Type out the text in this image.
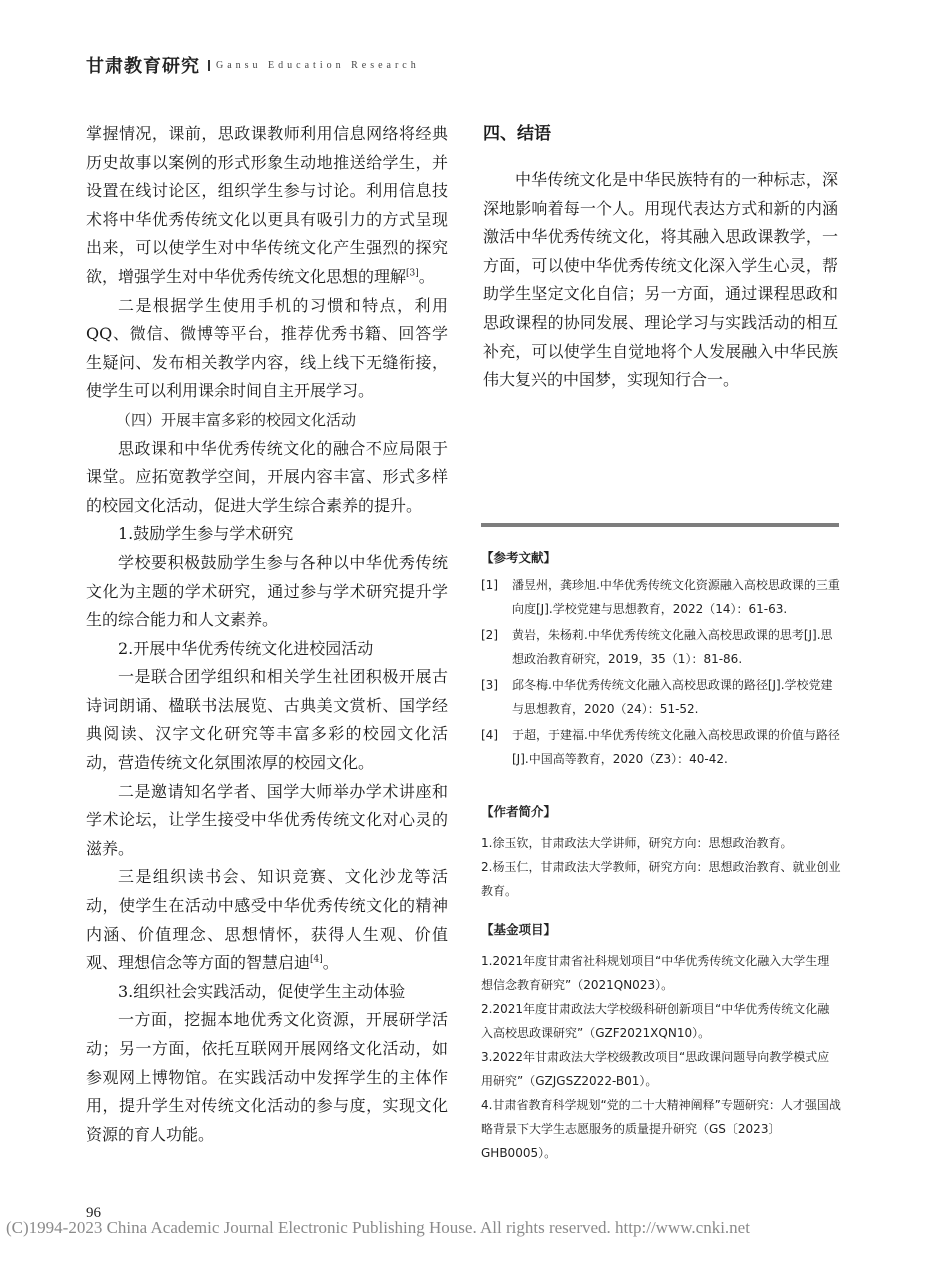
甘肃教育研究 Gansu Education Research

掌握情况，课前，思政课教师利用信息网络将经典历史故事以案例的形式形象生动地推送给学生，并设置在线讨论区，组织学生参与讨论。利用信息技术将中华优秀传统文化以更具有吸引力的方式呈现出来，可以使学生对中华传统文化产生强烈的探究欲，增强学生对中华优秀传统文化思想的理解[3]。

二是根据学生使用手机的习惯和特点，利用QQ、微信、微博等平台，推荐优秀书籍、回答学生疑问、发布相关教学内容，线上线下无缝衔接，使学生可以利用课余时间自主开展学习。

（四）开展丰富多彩的校园文化活动

思政课和中华优秀传统文化的融合不应局限于课堂。应拓宽教学空间，开展内容丰富、形式多样的校园文化活动，促进大学生综合素养的提升。

1.鼓励学生参与学术研究

学校要积极鼓励学生参与各种以中华优秀传统文化为主题的学术研究，通过参与学术研究提升学生的综合能力和人文素养。

2.开展中华优秀传统文化进校园活动

一是联合团学组织和相关学生社团积极开展古诗词朗诵、楹联书法展览、古典美文赏析、国学经典阅读、汉字文化研究等丰富多彩的校园文化活动，营造传统文化氛围浓厚的校园文化。

二是邀请知名学者、国学大师举办学术讲座和学术论坛，让学生接受中华优秀传统文化对心灵的滋养。

三是组织读书会、知识竞赛、文化沙龙等活动，使学生在活动中感受中华优秀传统文化的精神内涵、价值理念、思想情怀，获得人生观、价值观、理想信念等方面的智慧启迪[4]。

3.组织社会实践活动，促使学生主动体验

一方面，挖掘本地优秀文化资源，开展研学活动；另一方面，依托互联网开展网络文化活动，如参观网上博物馆。在实践活动中发挥学生的主体作用，提升学生对传统文化活动的参与度，实现文化资源的育人功能。

四、结语

中华传统文化是中华民族特有的一种标志，深深地影响着每一个人。用现代表达方式和新的内涵激活中华优秀传统文化，将其融入思政课教学，一方面，可以使中华优秀传统文化深入学生心灵，帮助学生坚定文化自信；另一方面，通过课程思政和思政课程的协同发展、理论学习与实践活动的相互补充，可以使学生自觉地将个人发展融入中华民族伟大复兴的中国梦，实现知行合一。

【参考文献】
[1]	潘昱州，龚珍旭.中华优秀传统文化资源融入高校思政课的三重向度[J].学校党建与思想教育，2022（14）：61-63.
[2]	黄岩，朱杨莉.中华优秀传统文化融入高校思政课的思考[J].思想政治教育研究，2019，35（1）：81-86.
[3]	邱冬梅.中华优秀传统文化融入高校思政课的路径[J].学校党建与思想教育，2020（24）：51-52.
[4]	于超，于建福.中华优秀传统文化融入高校思政课的价值与路径[J].中国高等教育，2020（Z3）：40-42.
【作者简介】
1.徐玉钦，甘肃政法大学讲师，研究方向：思想政治教育。
2.杨玉仁，甘肃政法大学教师，研究方向：思想政治教育、就业创业教育。
【基金项目】
1.2021年度甘肃省社科规划项目“中华优秀传统文化融入大学生理想信念教育研究”（2021QN023）。
2.2021年度甘肃政法大学校级科研创新项目“中华优秀传统文化融入高校思政课研究”（GZF2021XQN10）。
3.2022年甘肃政法大学校级教改项目“思政课问题导向教学模式应用研究”（GZJGSZ2022-B01）。
4.甘肃省教育科学规划“党的二十大精神阐释”专题研究：人才强国战略背景下大学生志愿服务的质量提升研究（GS〔2023〕GHB0005）。
96
(C)1994-2023 China Academic Journal Electronic Publishing House. All rights reserved. http://www.cnki.net
